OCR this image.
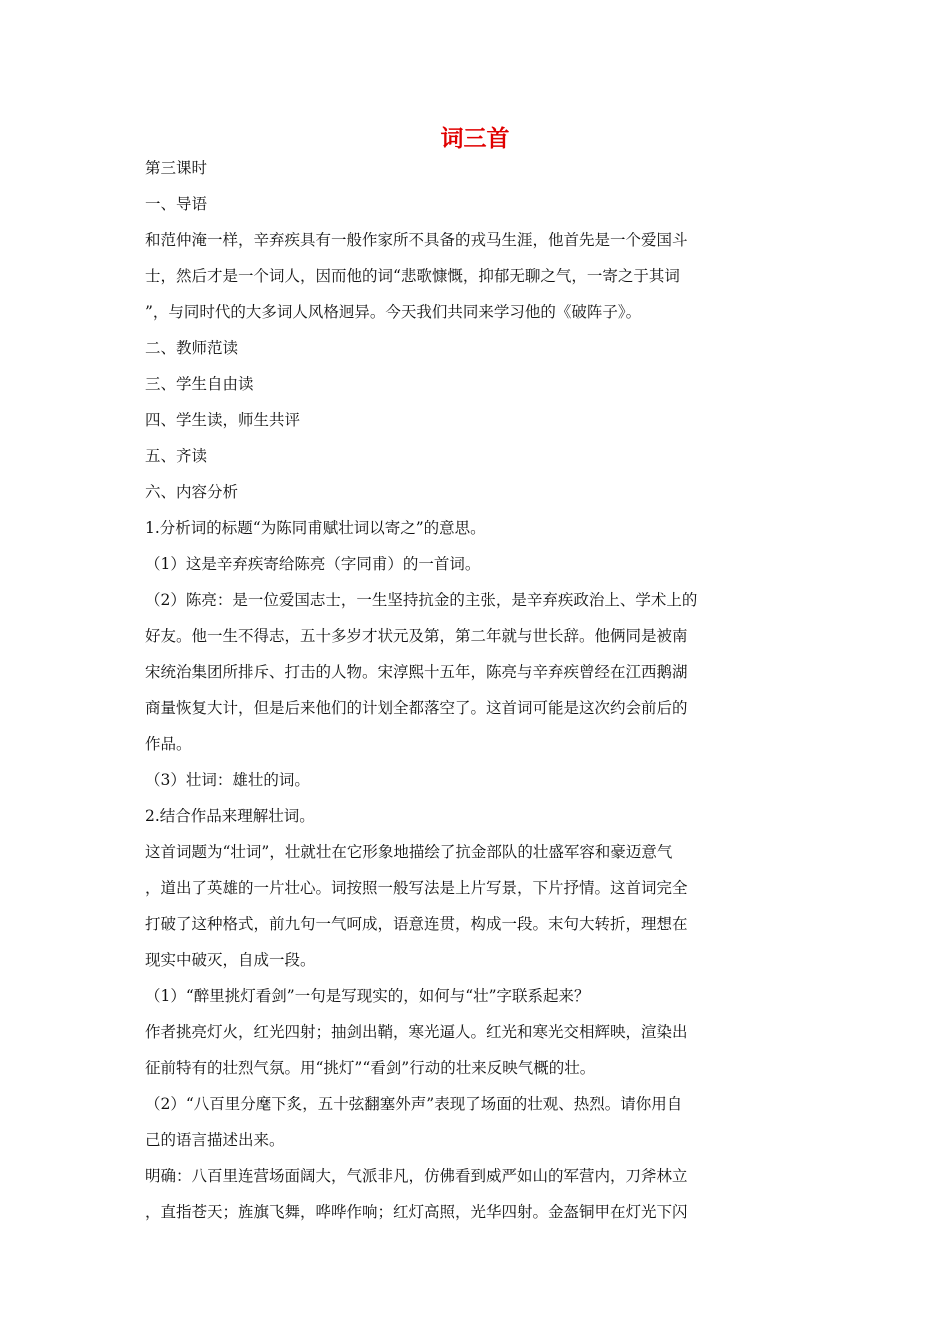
词三首
第三课时
一、导语
和范仲淹一样，辛弃疾具有一般作家所不具备的戎马生涯，他首先是一个爱国斗
士，然后才是一个词人，因而他的词“悲歌慷慨，抑郁无聊之气，一寄之于其词
”，与同时代的大多词人风格迥异。今天我们共同来学习他的《破阵子》。
二、教师范读
三、学生自由读
四、学生读，师生共评
五、齐读
六、内容分析
1.分析词的标题“为陈同甫赋壮词以寄之”的意思。
（1）这是辛弃疾寄给陈亮（字同甫）的一首词。
（2）陈亮：是一位爱国志士，一生坚持抗金的主张，是辛弃疾政治上、学术上的
好友。他一生不得志，五十多岁才状元及第，第二年就与世长辞。他俩同是被南
宋统治集团所排斥、打击的人物。宋淳熙十五年，陈亮与辛弃疾曾经在江西鹅湖
商量恢复大计，但是后来他们的计划全都落空了。这首词可能是这次约会前后的
作品。
（3）壮词：雄壮的词。
2.结合作品来理解壮词。
这首词题为“壮词”，壮就壮在它形象地描绘了抗金部队的壮盛军容和豪迈意气
，道出了英雄的一片壮心。词按照一般写法是上片写景，下片抒情。这首词完全
打破了这种格式，前九句一气呵成，语意连贯，构成一段。末句大转折，理想在
现实中破灭，自成一段。
（1）“醉里挑灯看剑”一句是写现实的，如何与“壮”字联系起来？
作者挑亮灯火，红光四射；抽剑出鞘，寒光逼人。红光和寒光交相辉映，渲染出
征前特有的壮烈气氛。用“挑灯”“看剑”行动的壮来反映气概的壮。
（2）“八百里分麾下炙，五十弦翻塞外声”表现了场面的壮观、热烈。请你用自
己的语言描述出来。
明确：八百里连营场面阔大，气派非凡，仿佛看到威严如山的军营内，刀斧林立
，直指苍天；旌旗飞舞，哗哗作响；红灯高照，光华四射。金盔铜甲在灯光下闪
